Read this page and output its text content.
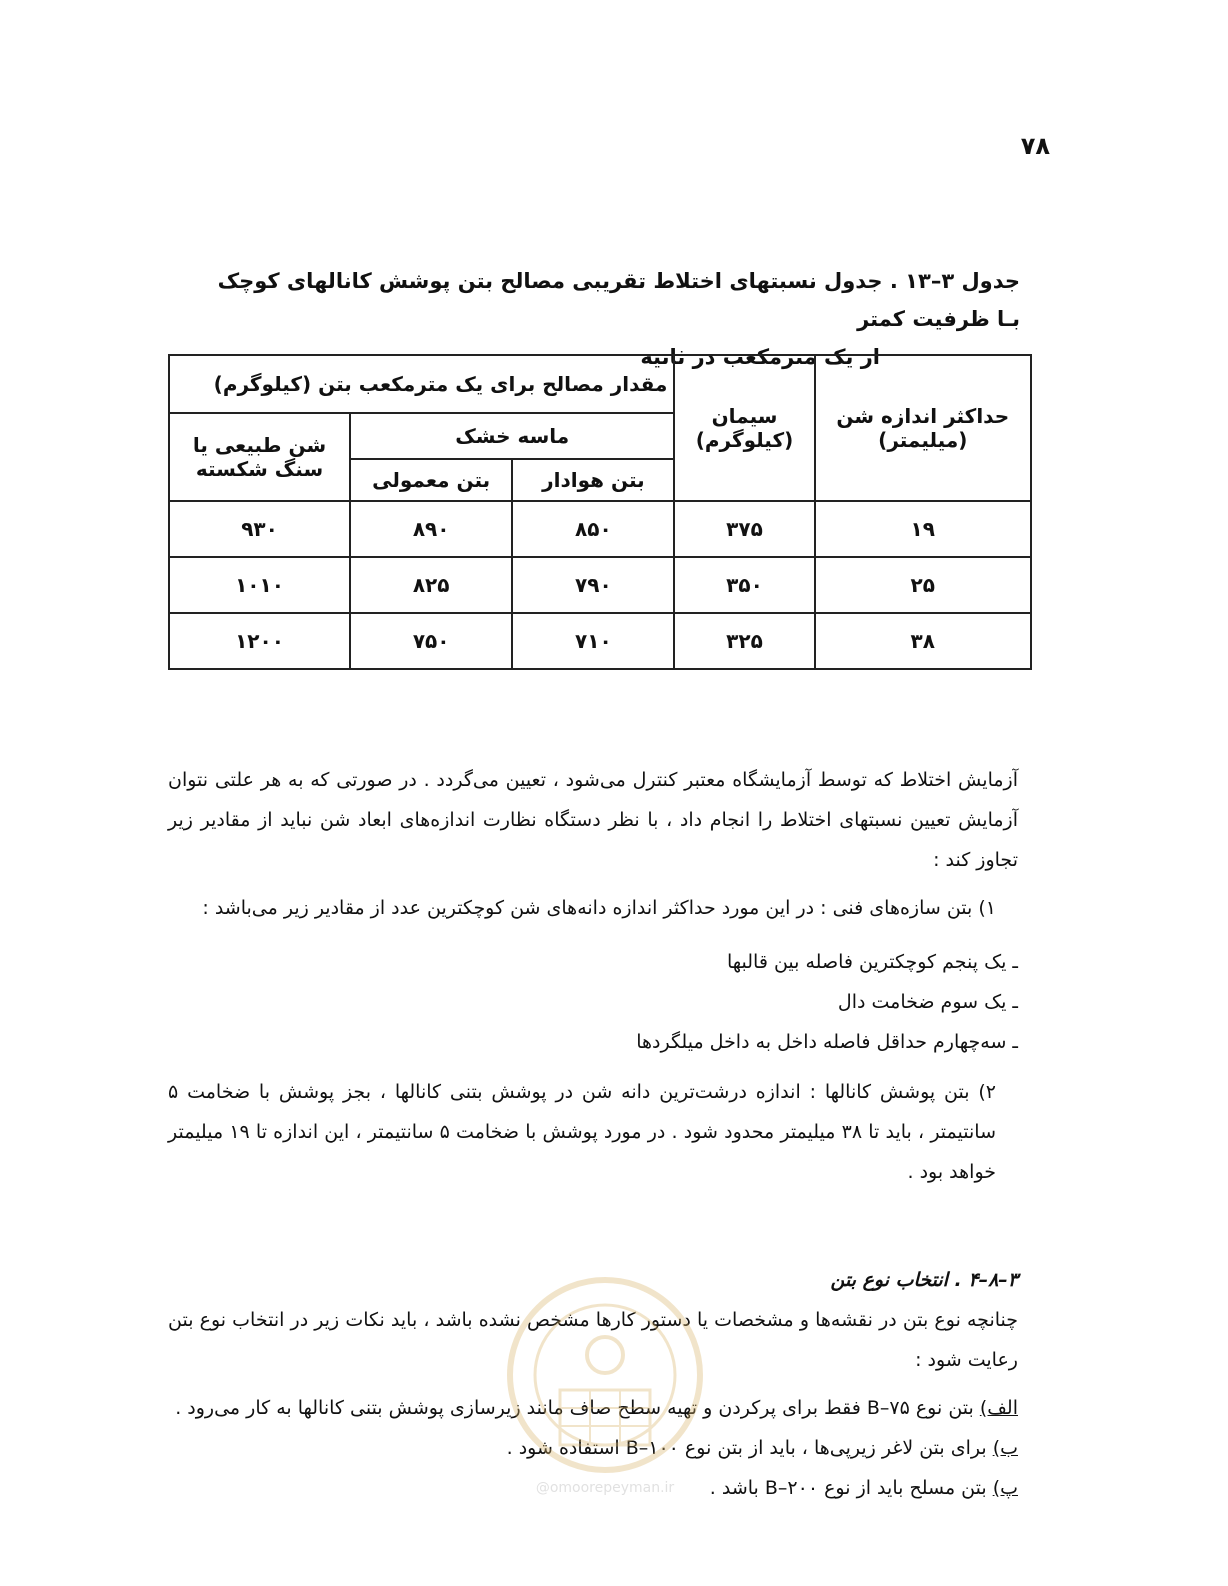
۷۸
جدول ۳–۱۳ . جدول نسبتهای اختلاط تقریبی مصالح بتن پوشش کانالهای کوچک بـا ظرفیت کمتر
از یک مترمکعب در ثانیه
حداکثر اندازه شن (میلیمتر)	سیمان (کیلوگرم)	مقدار مصالح برای یک مترمکعب بتن (کیلوگرم)		
		ماسه خشک		شن طبیعی یا سنگ شکسته
		بتن هوادار	بتن معمولی	
۱۹	۳۷۵	۸۵۰	۸۹۰	۹۳۰
۲۵	۳۵۰	۷۹۰	۸۲۵	۱۰۱۰
۳۸	۳۲۵	۷۱۰	۷۵۰	۱۲۰۰

آزمایش اختلاط که توسط آزمایشگاه معتبر کنترل می‌شود ، تعیین می‌گردد . در صورتی که به هر علتی نتوان آزمایش تعیین نسبتهای اختلاط را انجام داد ، با نظر دستگاه نظارت اندازه‌های ابعاد شن نباید از مقادیر زیر تجاوز کند :

۱) بتن سازه‌های فنی : در این مورد حداکثر اندازه دانه‌های شن کوچکترین عدد از مقادیر زیر می‌باشد :

ـ یک پنجم کوچکترین فاصله بین قالبها

ـ یک سوم ضخامت دال

ـ سه‌چهارم حداقل فاصله داخل به داخل میلگردها

۲) بتن پوشش کانالها : اندازه درشت‌ترین دانه شن در پوشش بتنی کانالها ، بجز پوشش با ضخامت ۵ سانتیمتر ، باید تا ۳۸ میلیمتر محدود شود . در مورد پوشش با ضخامت ۵ سانتیمتر ، این اندازه تا ۱۹ میلیمتر خواهد بود .

۳–۸–۴ . انتخاب نوع بتن

چنانچه نوع بتن در نقشه‌ها و مشخصات یا دستور کارها مشخص نشده باشد ، باید نکات زیر در انتخاب نوع بتن رعایت شود :

الف) بتن نوع B–۷۵ فقط برای پرکردن و تهیه سطح صاف مانند زیرسازی پوشش بتنی کانالها به کار می‌رود .

ب) برای بتن لاغر زیرپی‌ها ، باید از بتن نوع B–۱۰۰ استفاده شود .

پ) بتن مسلح باید از نوع B–۲۰۰ باشد .

@omoorepeyman.ir
